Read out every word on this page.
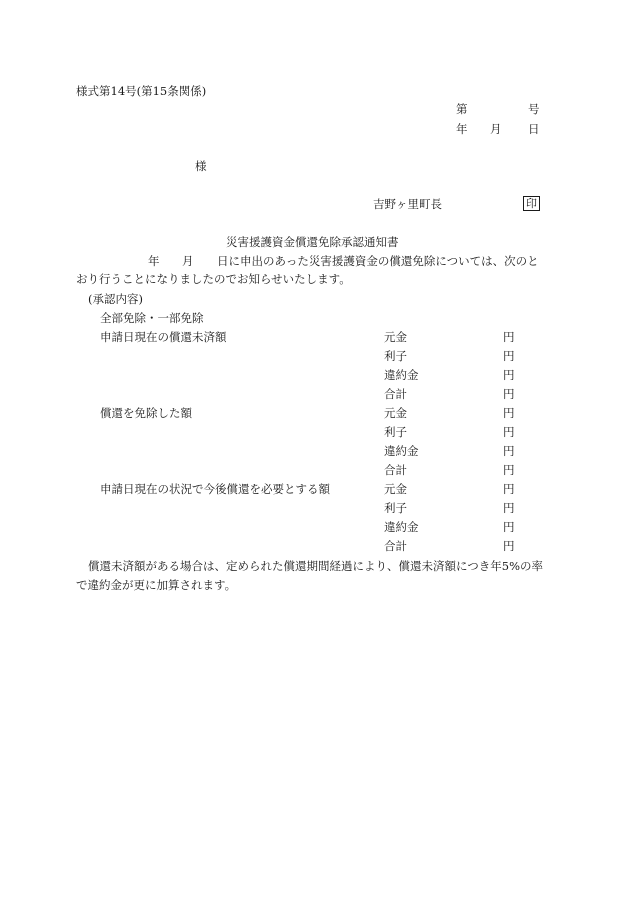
様式第14号(第15条関係)
第	号
年 月 日
様
吉野ヶ里町長	印
災害援護資金償還免除承認通知書
年 月 日に申出のあった災害援護資金の償還免除については、次のと
おり行うことになりましたのでお知らせいたします。
(承認内容)
全部免除・一部免除
申請日現在の償還未済額	元金	円
利子	円
違約金	円
合計	円
償還を免除した額	元金	円
利子	円
違約金	円
合計	円
申請日現在の状況で今後償還を必要とする額	元金	円
利子	円
違約金	円
合計	円
償還未済額がある場合は、定められた償還期間経過により、償還未済額につき年5%の率
で違約金が更に加算されます。
